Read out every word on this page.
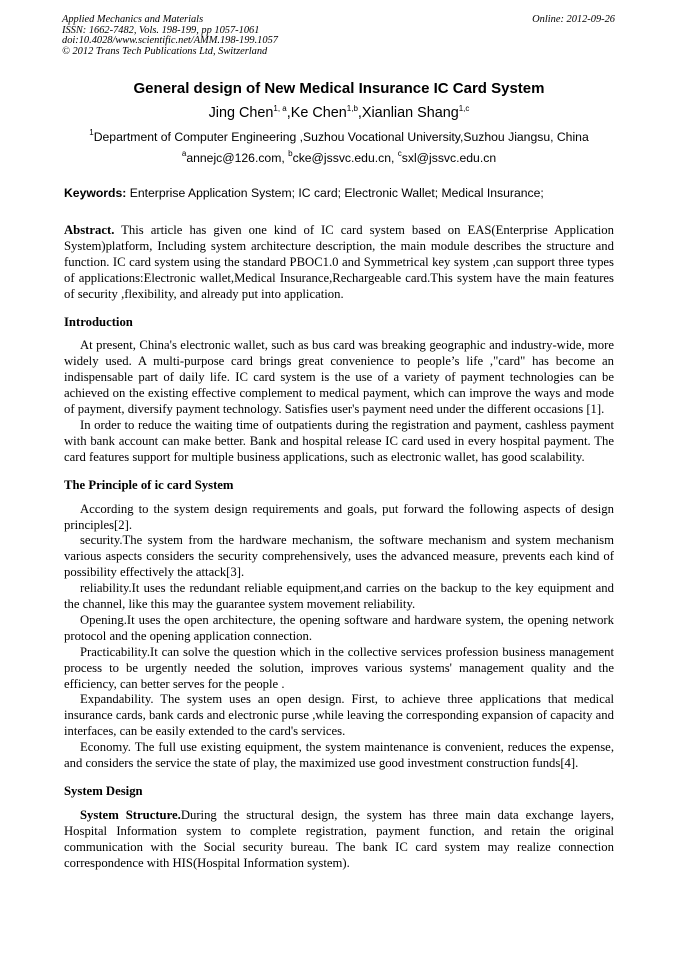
Applied Mechanics and Materials
ISSN: 1662-7482, Vols. 198-199, pp 1057-1061
doi:10.4028/www.scientific.net/AMM.198-199.1057
© 2012 Trans Tech Publications Ltd, Switzerland
Online: 2012-09-26
General design of New Medical Insurance IC Card System
Jing Chen$^{1, a}$,Ke Chen$^{1,b}$,Xianlian Shang$^{1,c}$
$^1$Department of Computer Engineering ,Suzhou Vocational University,Suzhou Jiangsu, China
$^a$annejc@126.com, $^b$cke@jssvc.edu.cn, $^c$sxl@jssvc.edu.cn
Keywords: Enterprise Application System; IC card; Electronic Wallet; Medical Insurance;

Abstract. This article has given one kind of IC card system based on EAS(Enterprise Application System)platform, Including system architecture description, the main module describes the structure and function. IC card system using the standard PBOC1.0 and Symmetrical key system ,can support three types of applications:Electronic wallet,Medical Insurance,Rechargeable card.This system have the main features of security ,flexibility, and already put into application.

Introduction

At present, China's electronic wallet, such as bus card was breaking geographic and industry-wide, more widely used. A multi-purpose card brings great convenience to people’s life ,"card" has become an indispensable part of daily life. IC card system is the use of a variety of payment technologies can be achieved on the existing effective complement to medical payment, which can improve the ways and mode of payment, diversify payment technology. Satisfies user's payment need under the different occasions [1].

In order to reduce the waiting time of outpatients during the registration and payment, cashless payment with bank account can make better. Bank and hospital release IC card used in every hospital payment. The card features support for multiple business applications, such as electronic wallet, has good scalability.

The Principle of ic card System

According to the system design requirements and goals, put forward the following aspects of design principles[2].

security.The system from the hardware mechanism, the software mechanism and system mechanism various aspects considers the security comprehensively, uses the advanced measure, prevents each kind of possibility effectively the attack[3].

reliability.It uses the redundant reliable equipment,and carries on the backup to the key equipment and the channel, like this may the guarantee system movement reliability.

Opening.It uses the open architecture, the opening software and hardware system, the opening network protocol and the opening application connection.

Practicability.It can solve the question which in the collective services profession business management process to be urgently needed the solution, improves various systems' management quality and the efficiency, can better serves for the people .

Expandability. The system uses an open design. First, to achieve three applications that medical insurance cards, bank cards and electronic purse ,while leaving the corresponding expansion of capacity and interfaces, can be easily extended to the card's services.

Economy. The full use existing equipment, the system maintenance is convenient, reduces the expense, and considers the service the state of play, the maximized use good investment construction funds[4].

System Design

System Structure.During the structural design, the system has three main data exchange layers, Hospital Information system to complete registration, payment function, and retain the original communication with the Social security bureau. The bank IC card system may realize connection correspondence with HIS(Hospital Information system).
